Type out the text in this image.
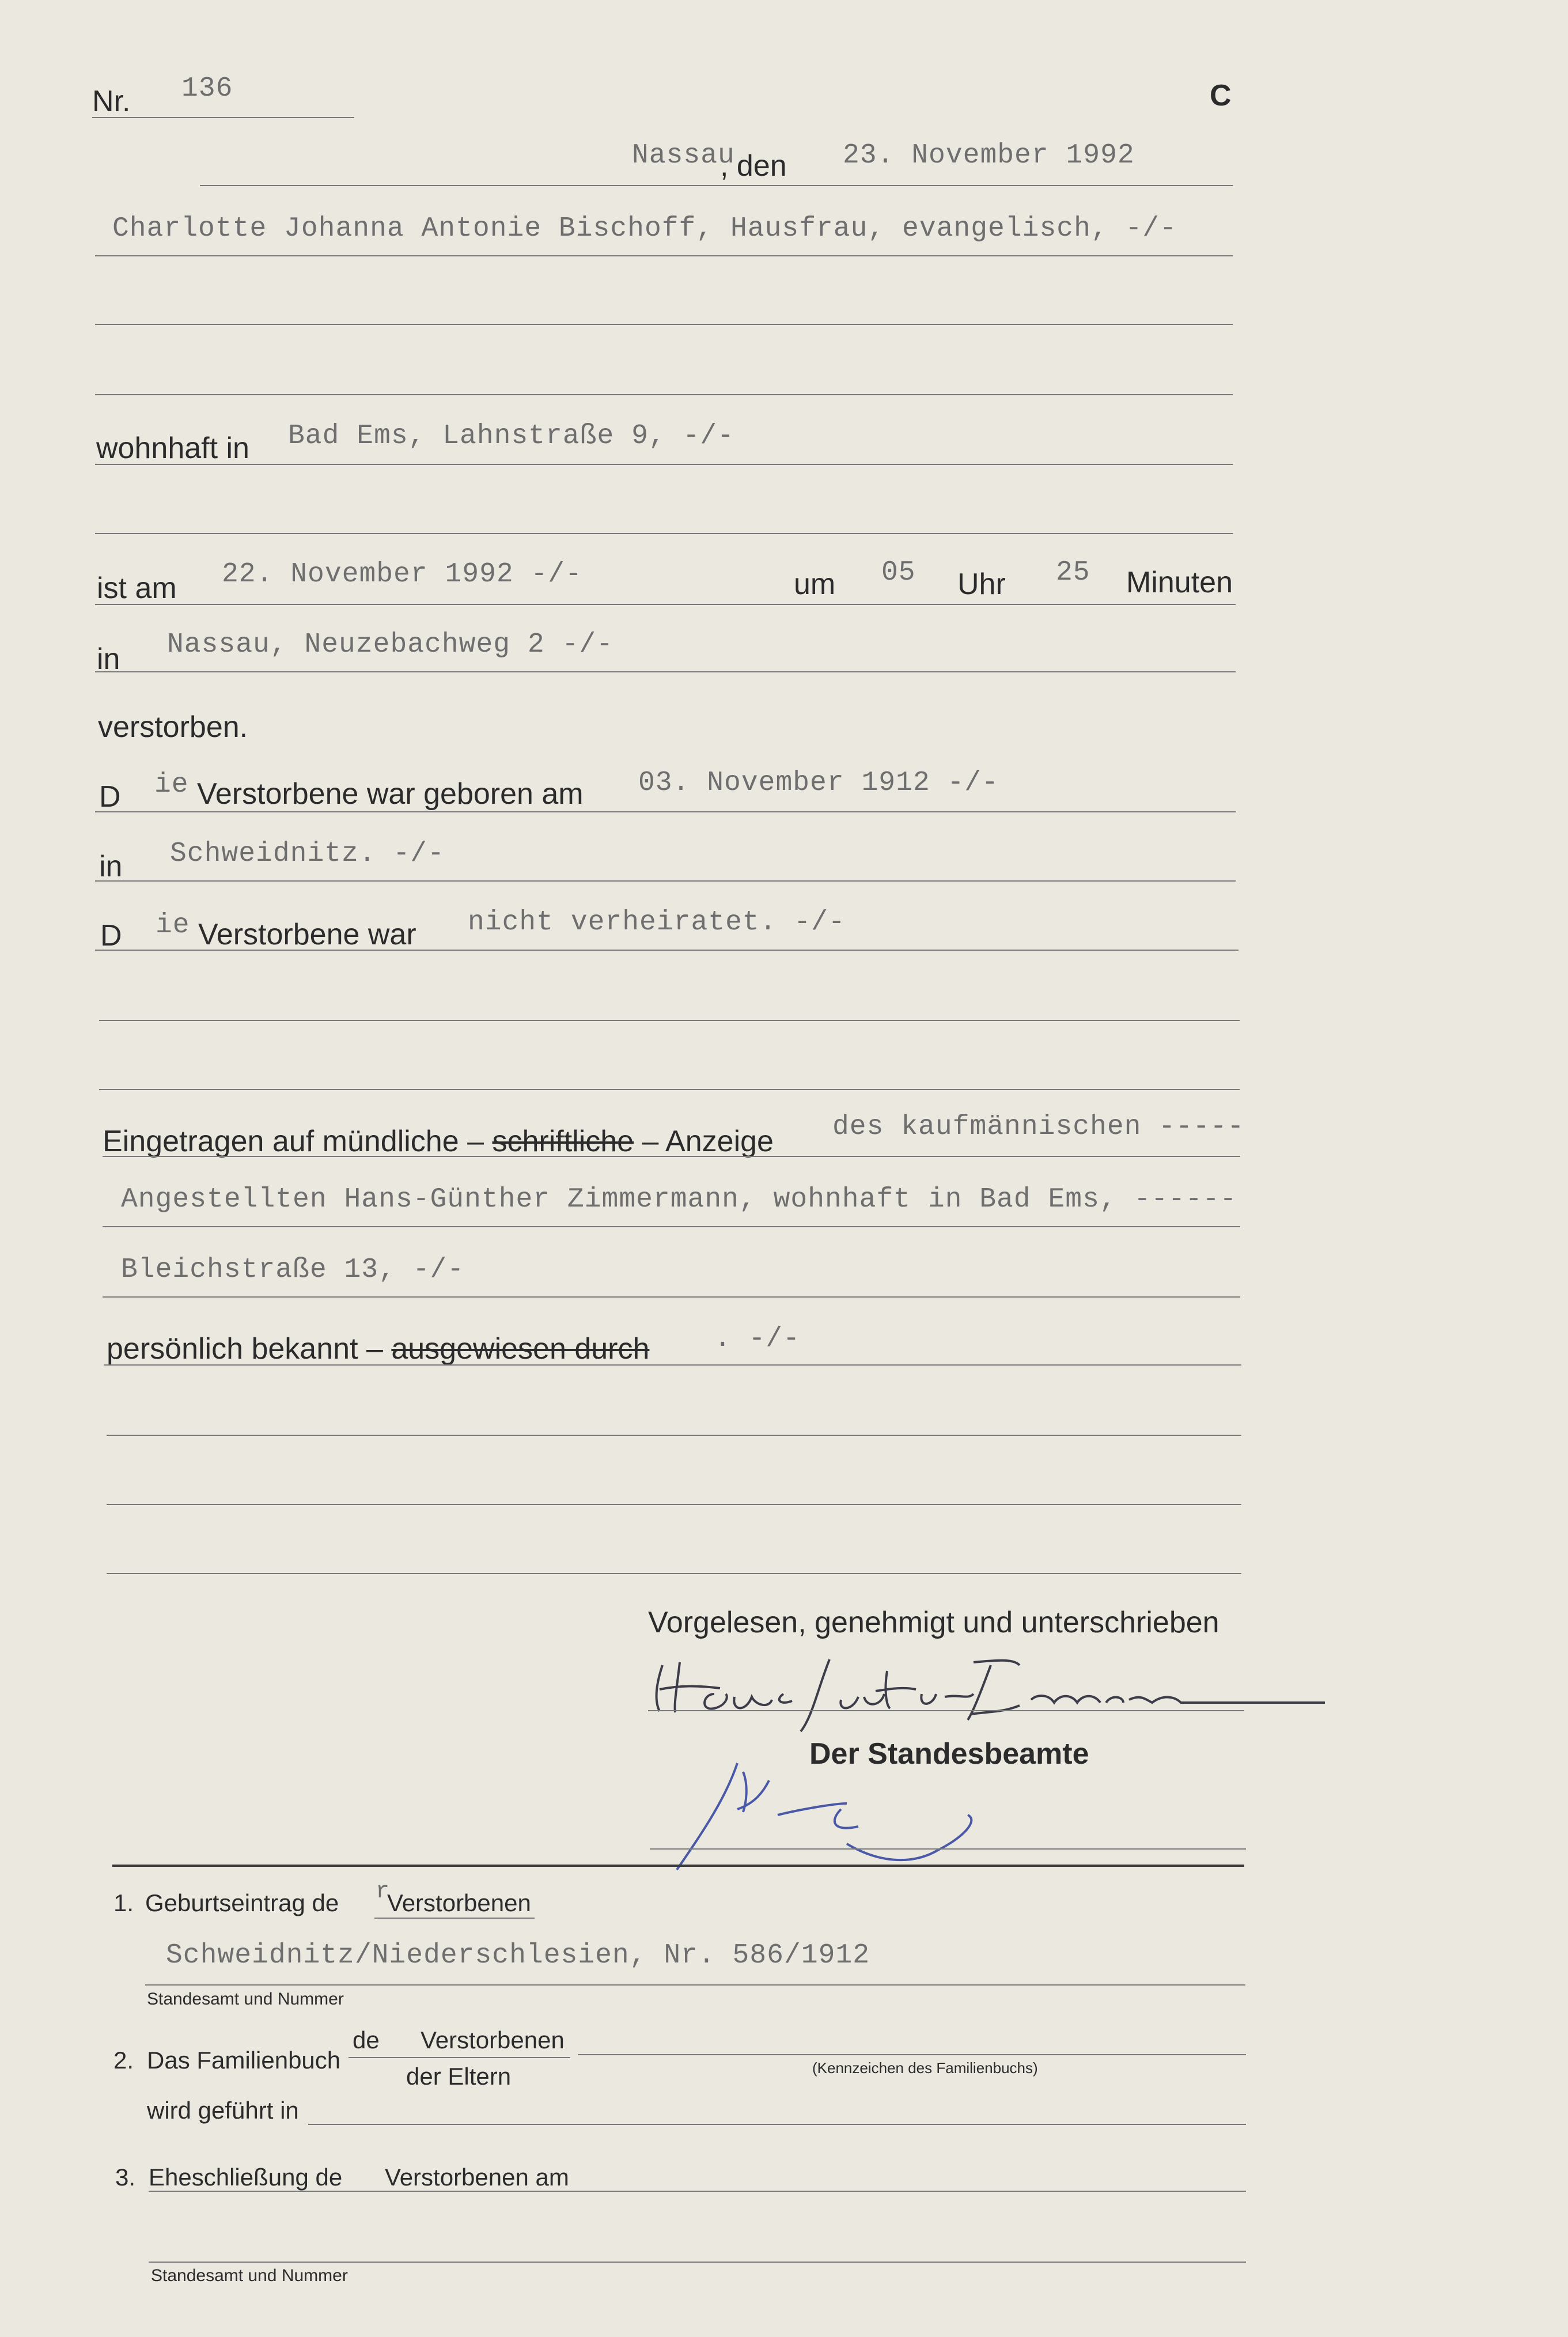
Nr. 136	C
Nassau
, den 23. November 1992
Charlotte Johanna Antonie Bischoff, Hausfrau, evangelisch, -/-
wohnhaft in Bad Ems, Lahnstraße 9, -/-
ist am 22. November 1992 -/-	um 05 Uhr 25 Minuten
in Nassau, Neuzebachweg 2 -/-
verstorben.
D ie Verstorbene war geboren am 03. November 1912 -/-
in Schweidnitz. -/-
D ie Verstorbene war nicht verheiratet. -/-
Eingetragen auf mündliche – schriftliche – Anzeige des kaufmännischen -----
Angestellten Hans-Günther Zimmermann, wohnhaft in Bad Ems, ------
Bleichstraße 13, -/-
persönlich bekannt – ausgewiesen durch . -/-
Vorgelesen, genehmigt und unterschrieben
Der Standesbeamte
1. Geburtseintrag de r
Verstorbenen
Schweidnitz/Niederschlesien, Nr. 586/1912
Standesamt und Nummer
2. Das Familienbuch
de Verstorbenen
der Eltern	(Kennzeichen des Familienbuchs)
wird geführt in
3. Eheschließung de Verstorbenen am
Standesamt und Nummer
